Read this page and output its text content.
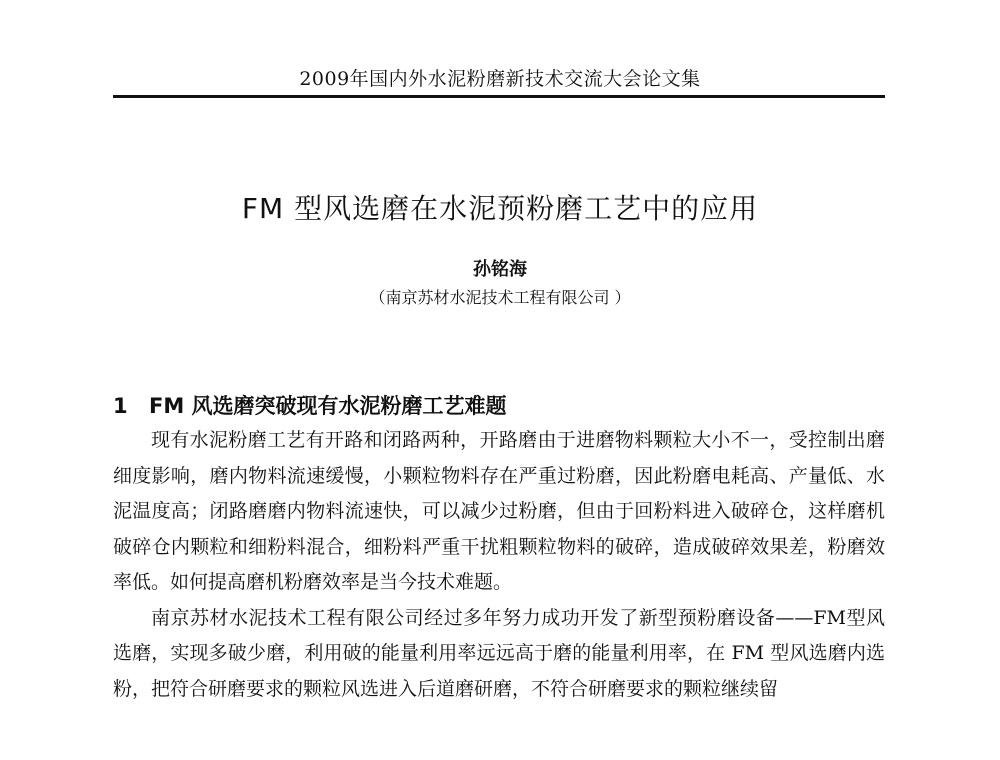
2009年国内外水泥粉磨新技术交流大会论文集
FM 型风选磨在水泥预粉磨工艺中的应用
孙铭海
（南京苏材水泥技术工程有限公司 ）
1 FM 风选磨突破现有水泥粉磨工艺难题

现有水泥粉磨工艺有开路和闭路两种，开路磨由于进磨物料颗粒大小不一，受控制出磨细度影响，磨内物料流速缓慢，小颗粒物料存在严重过粉磨，因此粉磨电耗高、产量低、水泥温度高；闭路磨磨内物料流速快，可以减少过粉磨，但由于回粉料进入破碎仓，这样磨机破碎仓内颗粒和细粉料混合，细粉料严重干扰粗颗粒物料的破碎，造成破碎效果差，粉磨效率低。如何提高磨机粉磨效率是当今技术难题。

南京苏材水泥技术工程有限公司经过多年努力成功开发了新型预粉磨设备——FM型风选磨，实现多破少磨，利用破的能量利用率远远高于磨的能量利用率，在 FM 型风选磨内选粉，把符合研磨要求的颗粒风选进入后道磨研磨，不符合研磨要求的颗粒继续留
